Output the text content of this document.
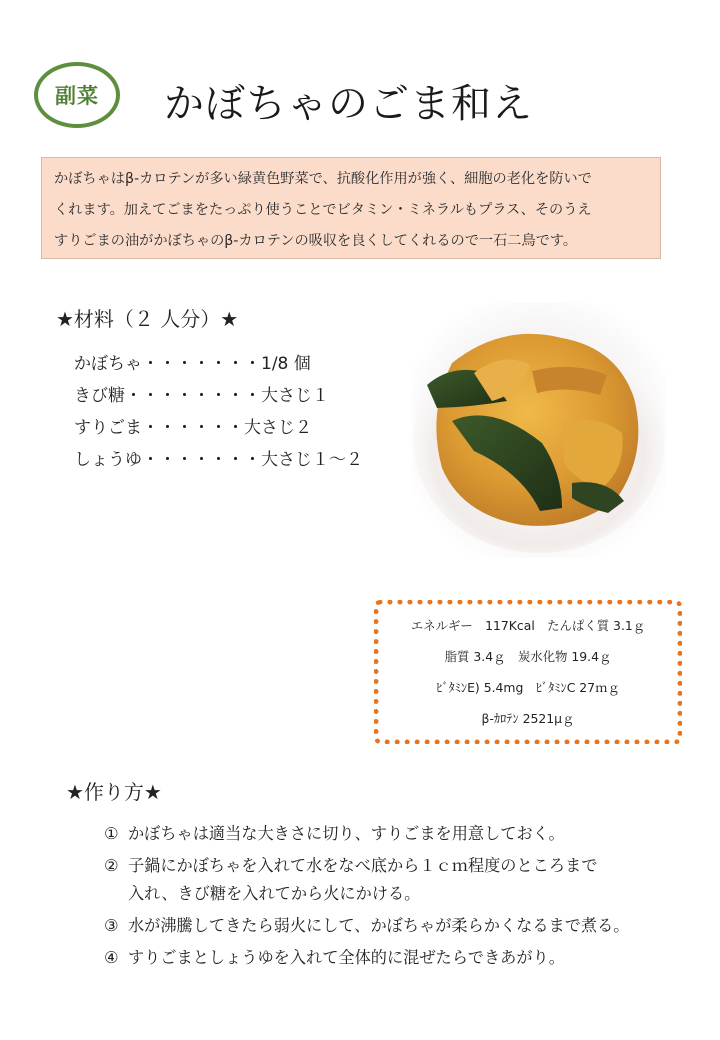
副菜	かぼちゃのごま和え

かぼちゃはβ-カロテンが多い緑黄色野菜で、抗酸化作用が強く、細胞の老化を防いで

くれます。加えてごまをたっぷり使うことでビタミン・ミネラルもプラス、そのうえ

すりごまの油がかぼちゃのβ-カロテンの吸収を良くしてくれるので一石二鳥です。

★材料（２ 人分）★
かぼちゃ・・・・・・・1/8 個
きび糖・・・・・・・・大さじ１
すりごま・・・・・・大さじ２
しょうゆ・・・・・・・大さじ１～２

エネルギー　117Kcal　たんぱく質 3.1ｇ

脂質 3.4ｇ　炭水化物 19.4ｇ

ﾋﾞﾀﾐﾝE) 5.4mg　ﾋﾞﾀﾐﾝC 27ｍｇ

β-ｶﾛﾃﾝ 2521μｇ

★作り方★
① かぼちゃは適当な大きさに切り、すりごまを用意しておく。
② 子鍋にかぼちゃを入れて水をなべ底から１ｃｍ程度のところまで
入れ、きび糖を入れてから火にかける。
③ 水が沸騰してきたら弱火にして、かぼちゃが柔らかくなるまで煮る。
④ すりごまとしょうゆを入れて全体的に混ぜたらできあがり。
